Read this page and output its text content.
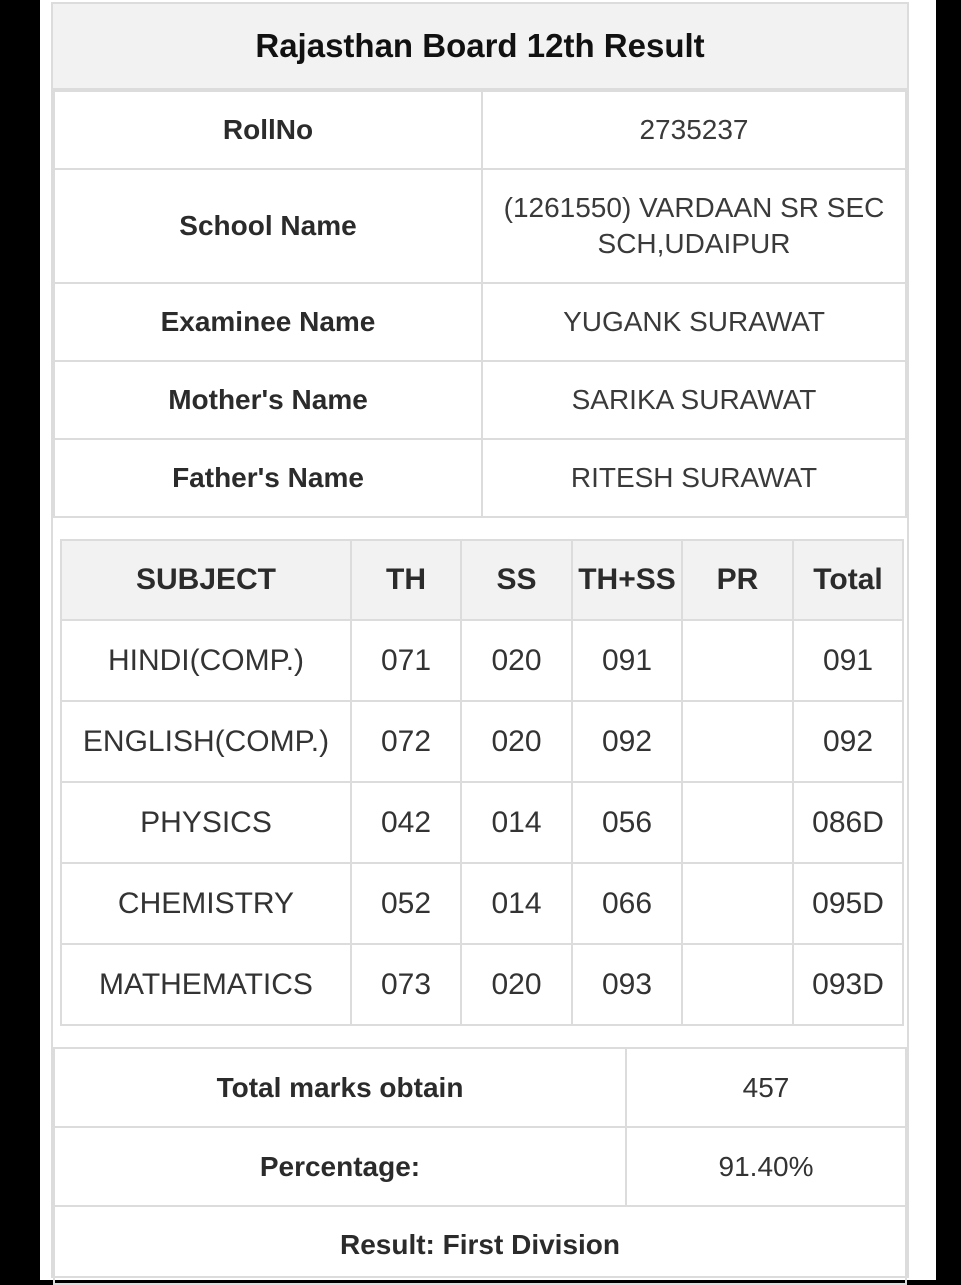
Rajasthan Board 12th Result
RollNo	2735237
School Name	(1261550) VARDAAN SR SEC SCH,UDAIPUR
Examinee Name	YUGANK SURAWAT
Mother's Name	SARIKA SURAWAT
Father's Name	RITESH SURAWAT
SUBJECT	TH	SS	TH+SS	PR	Total
HINDI(COMP.)	071	020	091		091
ENGLISH(COMP.)	072	020	092		092
PHYSICS	042	014	056		086D
CHEMISTRY	052	014	066		095D
MATHEMATICS	073	020	093		093D
Total marks obtain	457
Percentage:	91.40%
Result: First Division	
